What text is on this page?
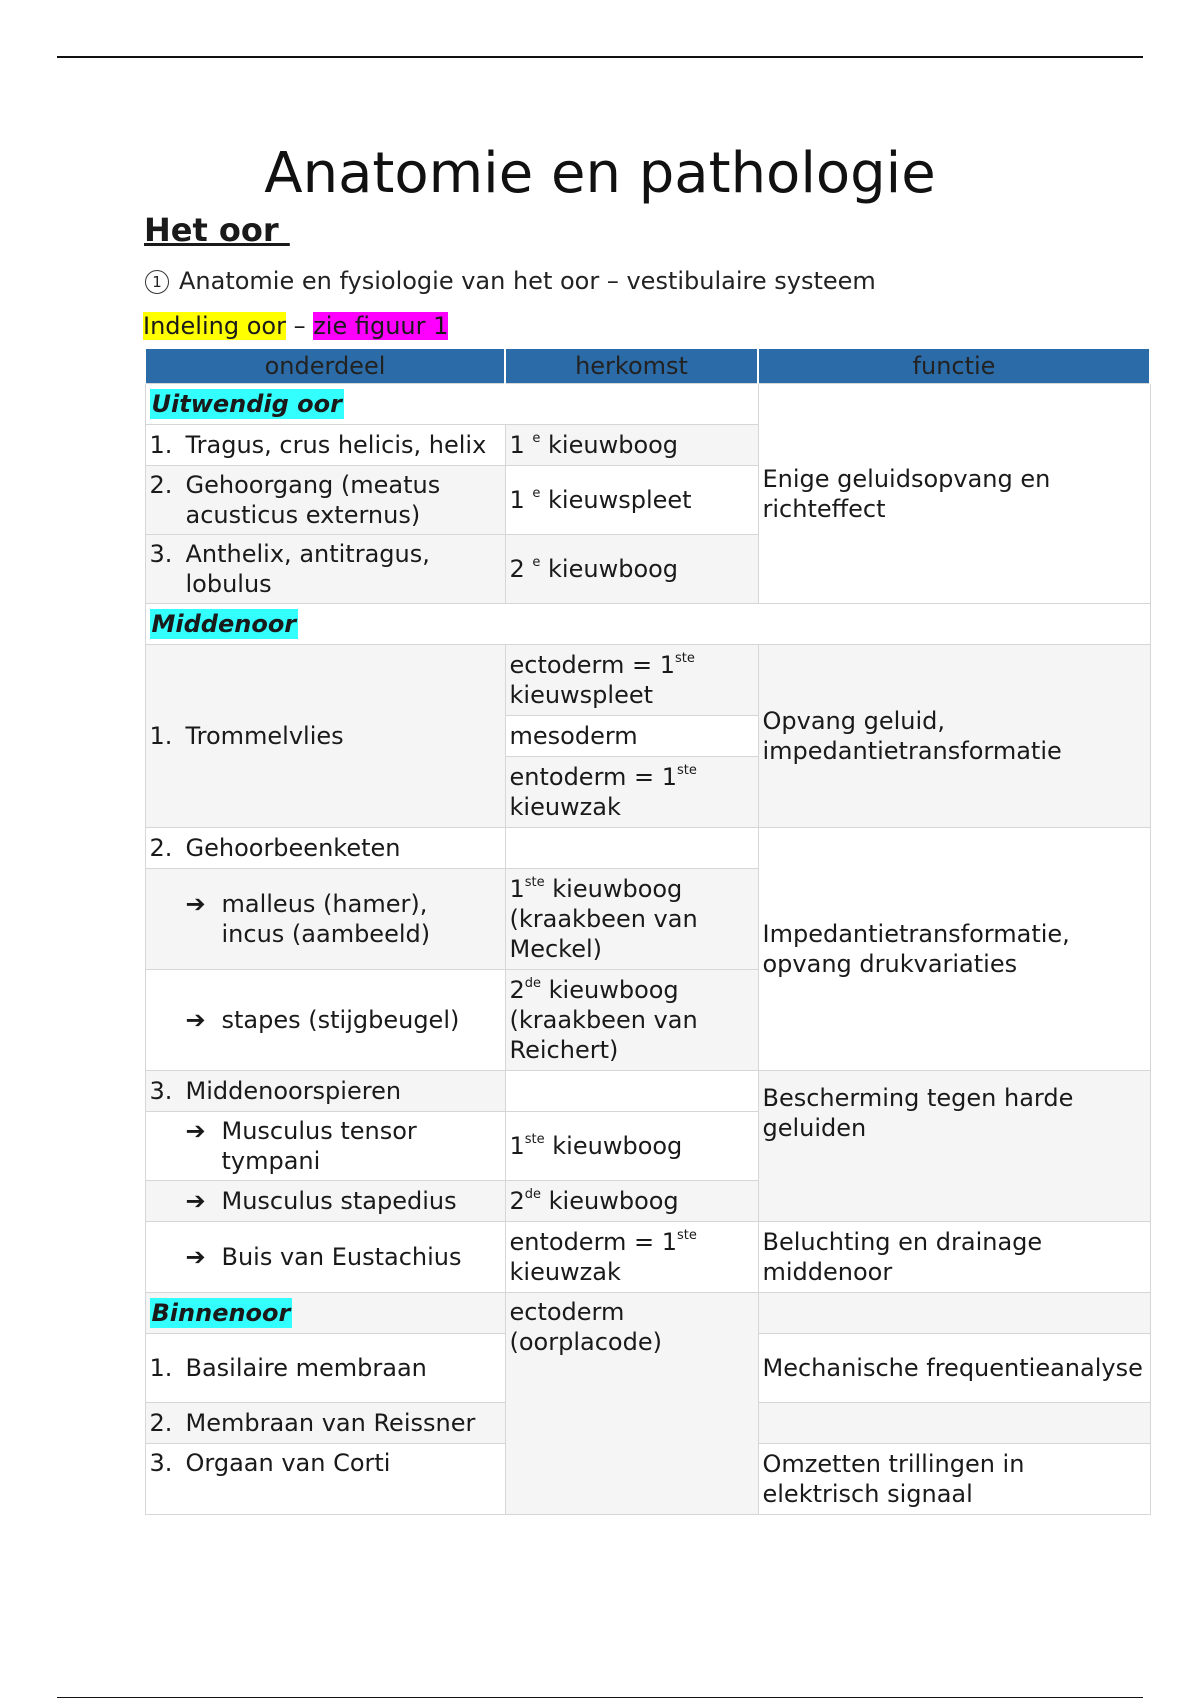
Anatomie en pathologie
Het oor
1 Anatomie en fysiologie van het oor – vestibulaire systeem
Indeling oor – zie figuur 1
onderdeel	herkomst	functie
Uitwendig oor		Enige geluidsopvang en richteffect
1. Tragus, crus helicis, helix	1 $^e$ kieuwboog	
2. Gehoorgang (meatus acusticus externus)	1 $^e$ kieuwspleet	
3. Anthelix, antitragus, lobulus	2 $^e$ kieuwboog	
Middenoor		
1. Trommelvlies	ectoderm = 1ste kieuwspleet	Opvang geluid, impedantietransformatie
	mesoderm	
	entoderm = 1ste kieuwzak	
2. Gehoorbeenketen		Impedantietransformatie, opvang drukvariaties
➔ malleus (hamer), incus (aambeeld)	1ste kieuwboog (kraakbeen van Meckel)	
➔ stapes (stijgbeugel)	2de kieuwboog (kraakbeen van Reichert)	
3. Middenoorspieren		Bescherming tegen harde geluiden
➔ Musculus tensor tympani	1ste kieuwboog	
➔ Musculus stapedius	2de kieuwboog	
➔ Buis van Eustachius	entoderm = 1ste kieuwzak	Beluchting en drainage middenoor
Binnenoor	ectoderm (oorplacode)	
1. Basilaire membraan		Mechanische frequentieanalyse
2. Membraan van Reissner		
3. Orgaan van Corti		Omzetten trillingen in elektrisch signaal
